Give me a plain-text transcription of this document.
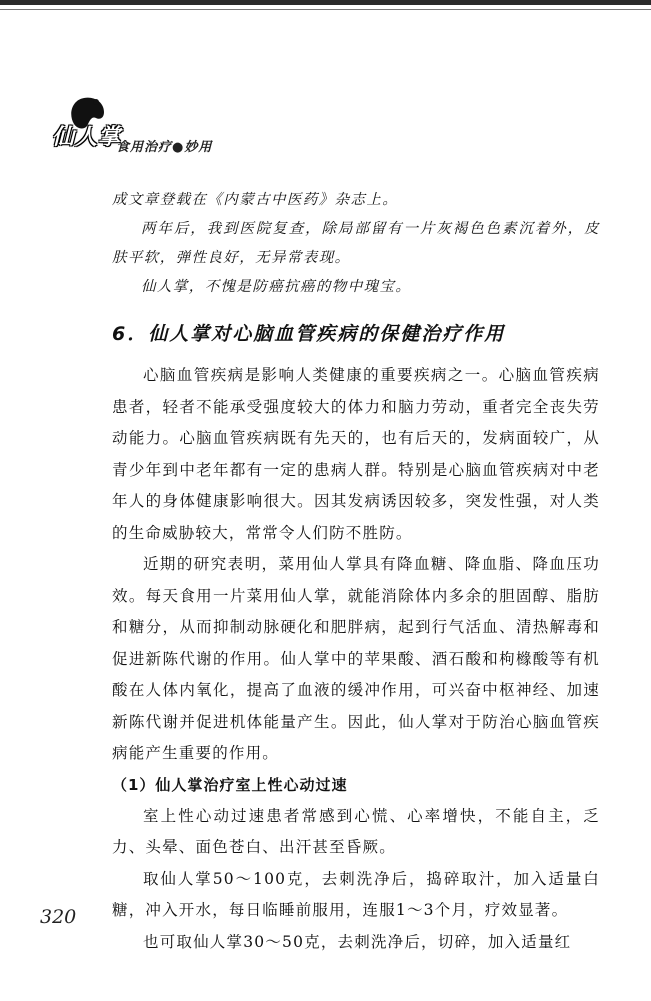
仙人掌
食用治疗●妙用

成文章登载在《内蒙古中医药》杂志上。

两年后，我到医院复查，除局部留有一片灰褐色色素沉着外，皮肤平软，弹性良好，无异常表现。

仙人掌，不愧是防癌抗癌的物中瑰宝。

6．仙人掌对心脑血管疾病的保健治疗作用

心脑血管疾病是影响人类健康的重要疾病之一。心脑血管疾病患者，轻者不能承受强度较大的体力和脑力劳动，重者完全丧失劳动能力。心脑血管疾病既有先天的，也有后天的，发病面较广，从青少年到中老年都有一定的患病人群。特别是心脑血管疾病对中老年人的身体健康影响很大。因其发病诱因较多，突发性强，对人类的生命威胁较大，常常令人们防不胜防。

近期的研究表明，菜用仙人掌具有降血糖、降血脂、降血压功效。每天食用一片菜用仙人掌，就能消除体内多余的胆固醇、脂肪和糖分，从而抑制动脉硬化和肥胖病，起到行气活血、清热解毒和促进新陈代谢的作用。仙人掌中的苹果酸、酒石酸和枸橼酸等有机酸在人体内氧化，提高了血液的缓冲作用，可兴奋中枢神经、加速新陈代谢并促进机体能量产生。因此，仙人掌对于防治心脑血管疾病能产生重要的作用。

（1）仙人掌治疗室上性心动过速

室上性心动过速患者常感到心慌、心率增快，不能自主，乏力、头晕、面色苍白、出汗甚至昏厥。

取仙人掌50～100克，去刺洗净后，捣碎取汁，加入适量白糖，冲入开水，每日临睡前服用，连服1～3个月，疗效显著。

也可取仙人掌30～50克，去刺洗净后，切碎，加入适量红

320
